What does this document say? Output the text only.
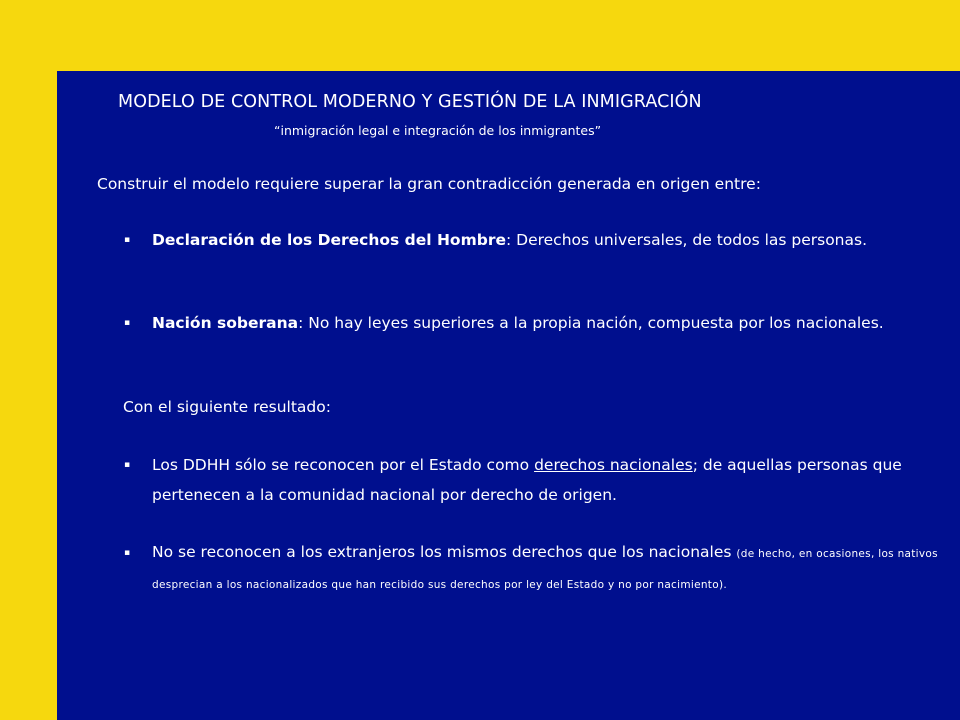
MODELO DE CONTROL MODERNO Y GESTIÓN DE LA INMIGRACIÓN
“inmigración legal e integración de los inmigrantes”
Construir el modelo requiere superar la gran contradicción generada en origen entre:
▪ Declaración de los Derechos del Hombre: Derechos universales, de todos las personas.
▪ Nación soberana: No hay leyes superiores a la propia nación, compuesta por los nacionales.
Con el siguiente resultado:
▪ Los DDHH sólo se reconocen por el Estado como derechos nacionales; de aquellas personas que pertenecen a la comunidad nacional por derecho de origen.
▪ No se reconocen a los extranjeros los mismos derechos que los nacionales (de hecho, en ocasiones, los nativos desprecian a los nacionalizados que han recibido sus derechos por ley del Estado y no por nacimiento).
